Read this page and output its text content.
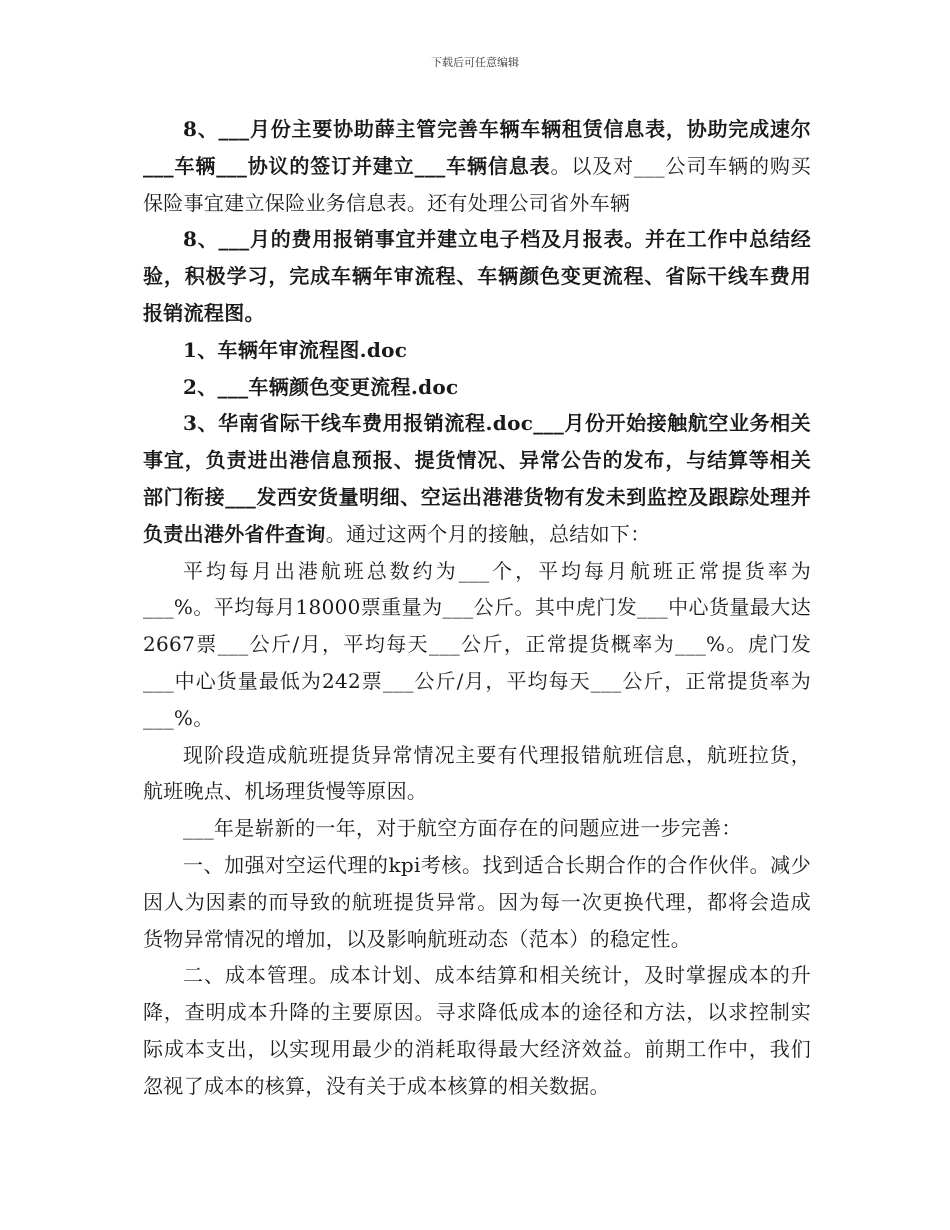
下载后可任意编辑

8、___月份主要协助薛主管完善车辆车辆租赁信息表，协助完成速尔___车辆___协议的签订并建立___车辆信息表。以及对___公司车辆的购买保险事宜建立保险业务信息表。还有处理公司省外车辆

8、___月的费用报销事宜并建立电子档及月报表。并在工作中总结经验，积极学习，完成车辆年审流程、车辆颜色变更流程、省际干线车费用报销流程图。

1、车辆年审流程图.doc

2、___车辆颜色变更流程.doc

3、华南省际干线车费用报销流程.doc___月份开始接触航空业务相关事宜，负责进出港信息预报、提货情况、异常公告的发布，与结算等相关部门衔接___发西安货量明细、空运出港港货物有发未到监控及跟踪处理并负责出港外省件查询。通过这两个月的接触，总结如下：

平均每月出港航班总数约为___个，平均每月航班正常提货率为___%。平均每月18000票重量为___公斤。其中虎门发___中心货量最大达2667票___公斤/月，平均每天___公斤，正常提货概率为___%。虎门发___中心货量最低为242票___公斤/月，平均每天___公斤，正常提货率为___%。

现阶段造成航班提货异常情况主要有代理报错航班信息，航班拉货，航班晚点、机场理货慢等原因。

___年是崭新的一年，对于航空方面存在的问题应进一步完善：

一、加强对空运代理的kpi考核。找到适合长期合作的合作伙伴。减少因人为因素的而导致的航班提货异常。因为每一次更换代理，都将会造成货物异常情况的增加，以及影响航班动态（范本）的稳定性。

二、成本管理。成本计划、成本结算和相关统计，及时掌握成本的升降，查明成本升降的主要原因。寻求降低成本的途径和方法，以求控制实际成本支出，以实现用最少的消耗取得最大经济效益。前期工作中，我们忽视了成本的核算，没有关于成本核算的相关数据。
